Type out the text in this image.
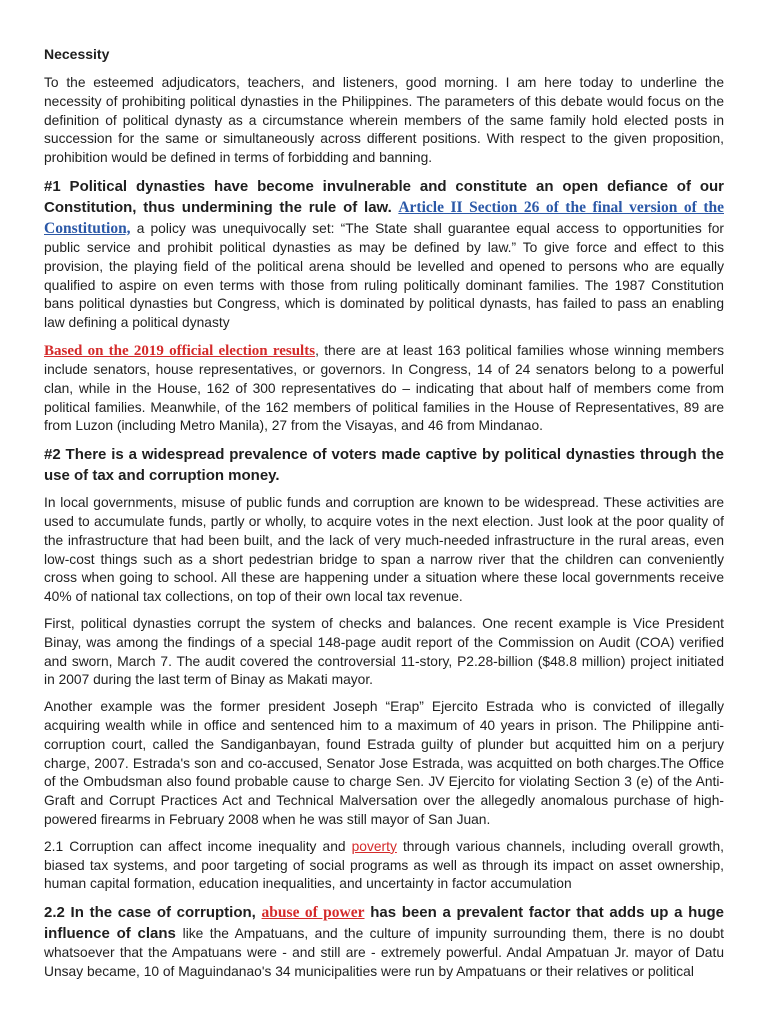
Necessity

To the esteemed adjudicators, teachers, and listeners, good morning. I am here today to underline the necessity of prohibiting political dynasties in the Philippines. The parameters of this debate would focus on the definition of political dynasty as a circumstance wherein members of the same family hold elected posts in succession for the same or simultaneously across different positions. With respect to the given proposition, prohibition would be defined in terms of forbidding and banning.

#1 Political dynasties have become invulnerable and constitute an open defiance of our Constitution, thus undermining the rule of law. Article II Section 26 of the final version of the Constitution, a policy was unequivocally set: “The State shall guarantee equal access to opportunities for public service and prohibit political dynasties as may be defined by law.” To give force and effect to this provision, the playing field of the political arena should be levelled and opened to persons who are equally qualified to aspire on even terms with those from ruling politically dominant families. The 1987 Constitution bans political dynasties but Congress, which is dominated by political dynasts, has failed to pass an enabling law defining a political dynasty

Based on the 2019 official election results, there are at least 163 political families whose winning members include senators, house representatives, or governors. In Congress, 14 of 24 senators belong to a powerful clan, while in the House, 162 of 300 representatives do – indicating that about half of members come from political families. Meanwhile, of the 162 members of political families in the House of Representatives, 89 are from Luzon (including Metro Manila), 27 from the Visayas, and 46 from Mindanao.

#2 There is a widespread prevalence of voters made captive by political dynasties through the use of tax and corruption money.

In local governments, misuse of public funds and corruption are known to be widespread. These activities are used to accumulate funds, partly or wholly, to acquire votes in the next election. Just look at the poor quality of the infrastructure that had been built, and the lack of very much-needed infrastructure in the rural areas, even low-cost things such as a short pedestrian bridge to span a narrow river that the children can conveniently cross when going to school. All these are happening under a situation where these local governments receive 40% of national tax collections, on top of their own local tax revenue.

First, political dynasties corrupt the system of checks and balances. One recent example is Vice President Binay, was among the findings of a special 148-page audit report of the Commission on Audit (COA) verified and sworn, March 7. The audit covered the controversial 11-story, P2.28-billion ($48.8 million) project initiated in 2007 during the last term of Binay as Makati mayor.

Another example was the former president Joseph “Erap” Ejercito Estrada who is convicted of illegally acquiring wealth while in office and sentenced him to a maximum of 40 years in prison. The Philippine anti-corruption court, called the Sandiganbayan, found Estrada guilty of plunder but acquitted him on a perjury charge, 2007. Estrada's son and co-accused, Senator Jose Estrada, was acquitted on both charges.The Office of the Ombudsman also found probable cause to charge Sen. JV Ejercito for violating Section 3 (e) of the Anti-Graft and Corrupt Practices Act and Technical Malversation over the allegedly anomalous purchase of high-powered firearms in February 2008 when he was still mayor of San Juan.

2.1 Corruption can affect income inequality and poverty through various channels, including overall growth, biased tax systems, and poor targeting of social programs as well as through its impact on asset ownership, human capital formation, education inequalities, and uncertainty in factor accumulation

2.2 In the case of corruption, abuse of power has been a prevalent factor that adds up a huge influence of clans like the Ampatuans, and the culture of impunity surrounding them, there is no doubt whatsoever that the Ampatuans were - and still are - extremely powerful. Andal Ampatuan Jr. mayor of Datu Unsay became, 10 of Maguindanao's 34 municipalities were run by Ampatuans or their relatives or political
